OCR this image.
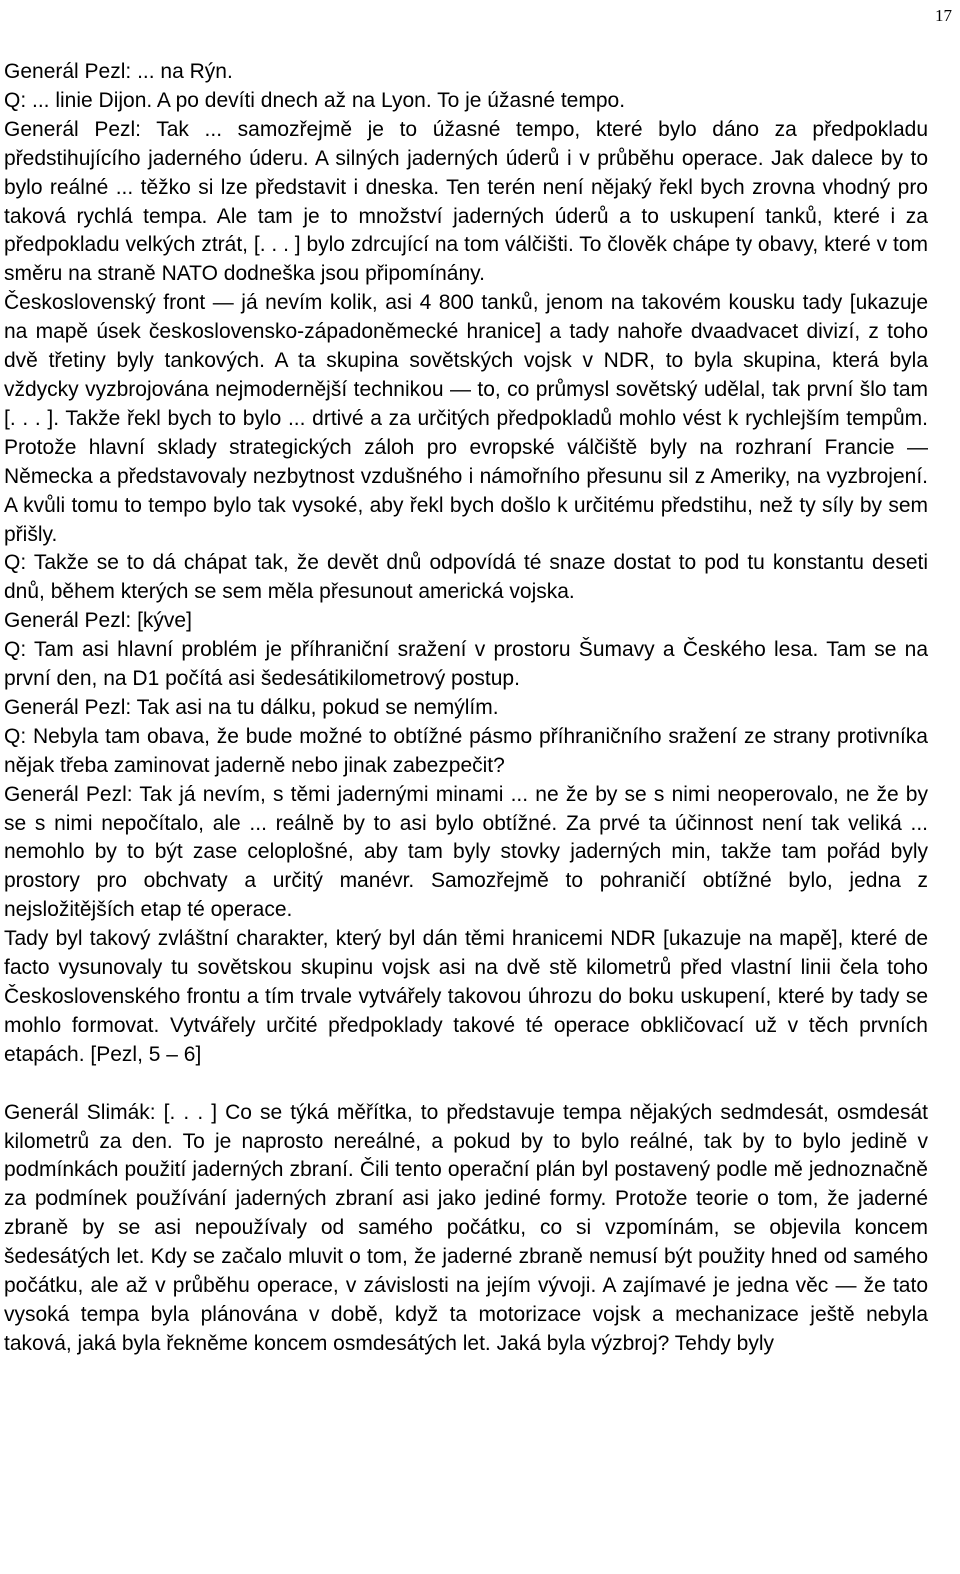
17

Generál Pezl: ... na Rýn.

Q: ... linie Dijon. A po devíti dnech až na Lyon. To je úžasné tempo.

Generál Pezl: Tak ... samozřejmě je to úžasné tempo, které bylo dáno za předpokladu předstihujícího jaderného úderu. A silných jaderných úderů i v průběhu operace. Jak dalece by to bylo reálné ... těžko si lze představit i dneska. Ten terén není nějaký řekl bych zrovna vhodný pro taková rychlá tempa. Ale tam je to množství jaderných úderů a to uskupení tanků, které i za předpokladu velkých ztrát, [. . . ] bylo zdrcující na tom válčišti. To člověk chápe ty obavy, které v tom směru na straně NATO dodneška jsou připomínány.

Československý front — já nevím kolik, asi 4 800 tanků, jenom na takovém kousku tady [ukazuje na mapě úsek československo-západoněmecké hranice] a tady nahoře dvaadvacet divizí, z toho dvě třetiny byly tankových. A ta skupina sovětských vojsk v NDR, to byla skupina, která byla vždycky vyzbrojována nejmodernější technikou — to, co průmysl sovětský udělal, tak první šlo tam [. . . ]. Takže řekl bych to bylo ... drtivé a za určitých předpokladů mohlo vést k rychlejším tempům. Protože hlavní sklady strategických záloh pro evropské válčiště byly na rozhraní Francie — Německa a představovaly nezbytnost vzdušného i námořního přesunu sil z Ameriky, na vyzbrojení. A kvůli tomu to tempo bylo tak vysoké, aby řekl bych došlo k určitému předstihu, než ty síly by sem přišly.

Q: Takže se to dá chápat tak, že devět dnů odpovídá té snaze dostat to pod tu konstantu deseti dnů, během kterých se sem měla přesunout americká vojska.

Generál Pezl: [kýve]

Q: Tam asi hlavní problém je příhraniční sražení v prostoru Šumavy a Českého lesa. Tam se na první den, na D1 počítá asi šedesátikilometrový postup.

Generál Pezl: Tak asi na tu dálku, pokud se nemýlím.

Q: Nebyla tam obava, že bude možné to obtížné pásmo příhraničního sražení ze strany protivníka nějak třeba zaminovat jaderně nebo jinak zabezpečit?

Generál Pezl: Tak já nevím, s těmi jadernými minami ... ne že by se s nimi neoperovalo, ne že by se s nimi nepočítalo, ale ... reálně by to asi bylo obtížné. Za prvé ta účinnost není tak veliká ... nemohlo by to být zase celoplošné, aby tam byly stovky jaderných min, takže tam pořád byly prostory pro obchvaty a určitý manévr. Samozřejmě to pohraničí obtížné bylo, jedna z nejsložitějších etap té operace.

Tady byl takový zvláštní charakter, který byl dán těmi hranicemi NDR [ukazuje na mapě], které de facto vysunovaly tu sovětskou skupinu vojsk asi na dvě stě kilometrů před vlastní linii čela toho Československého frontu a tím trvale vytvářely takovou úhrozu do boku uskupení, které by tady se mohlo formovat. Vytvářely určité předpoklady takové té operace obkličovací už v těch prvních etapách. [Pezl, 5 – 6]

Generál Slimák: [. . . ] Co se týká měřítka, to představuje tempa nějakých sedmdesát, osmdesát kilometrů za den. To je naprosto nereálné, a pokud by to bylo reálné, tak by to bylo jedině v podmínkách použití jaderných zbraní. Čili tento operační plán byl postavený podle mě jednoznačně za podmínek používání jaderných zbraní asi jako jediné formy. Protože teorie o tom, že jaderné zbraně by se asi nepoužívaly od samého počátku, co si vzpomínám, se objevila koncem šedesátých let. Kdy se začalo mluvit o tom, že jaderné zbraně nemusí být použity hned od samého počátku, ale až v průběhu operace, v závislosti na jejím vývoji. A zajímavé je jedna věc — že tato vysoká tempa byla plánována v době, když ta motorizace vojsk a mechanizace ještě nebyla taková, jaká byla řekněme koncem osmdesátých let. Jaká byla výzbroj? Tehdy byly
